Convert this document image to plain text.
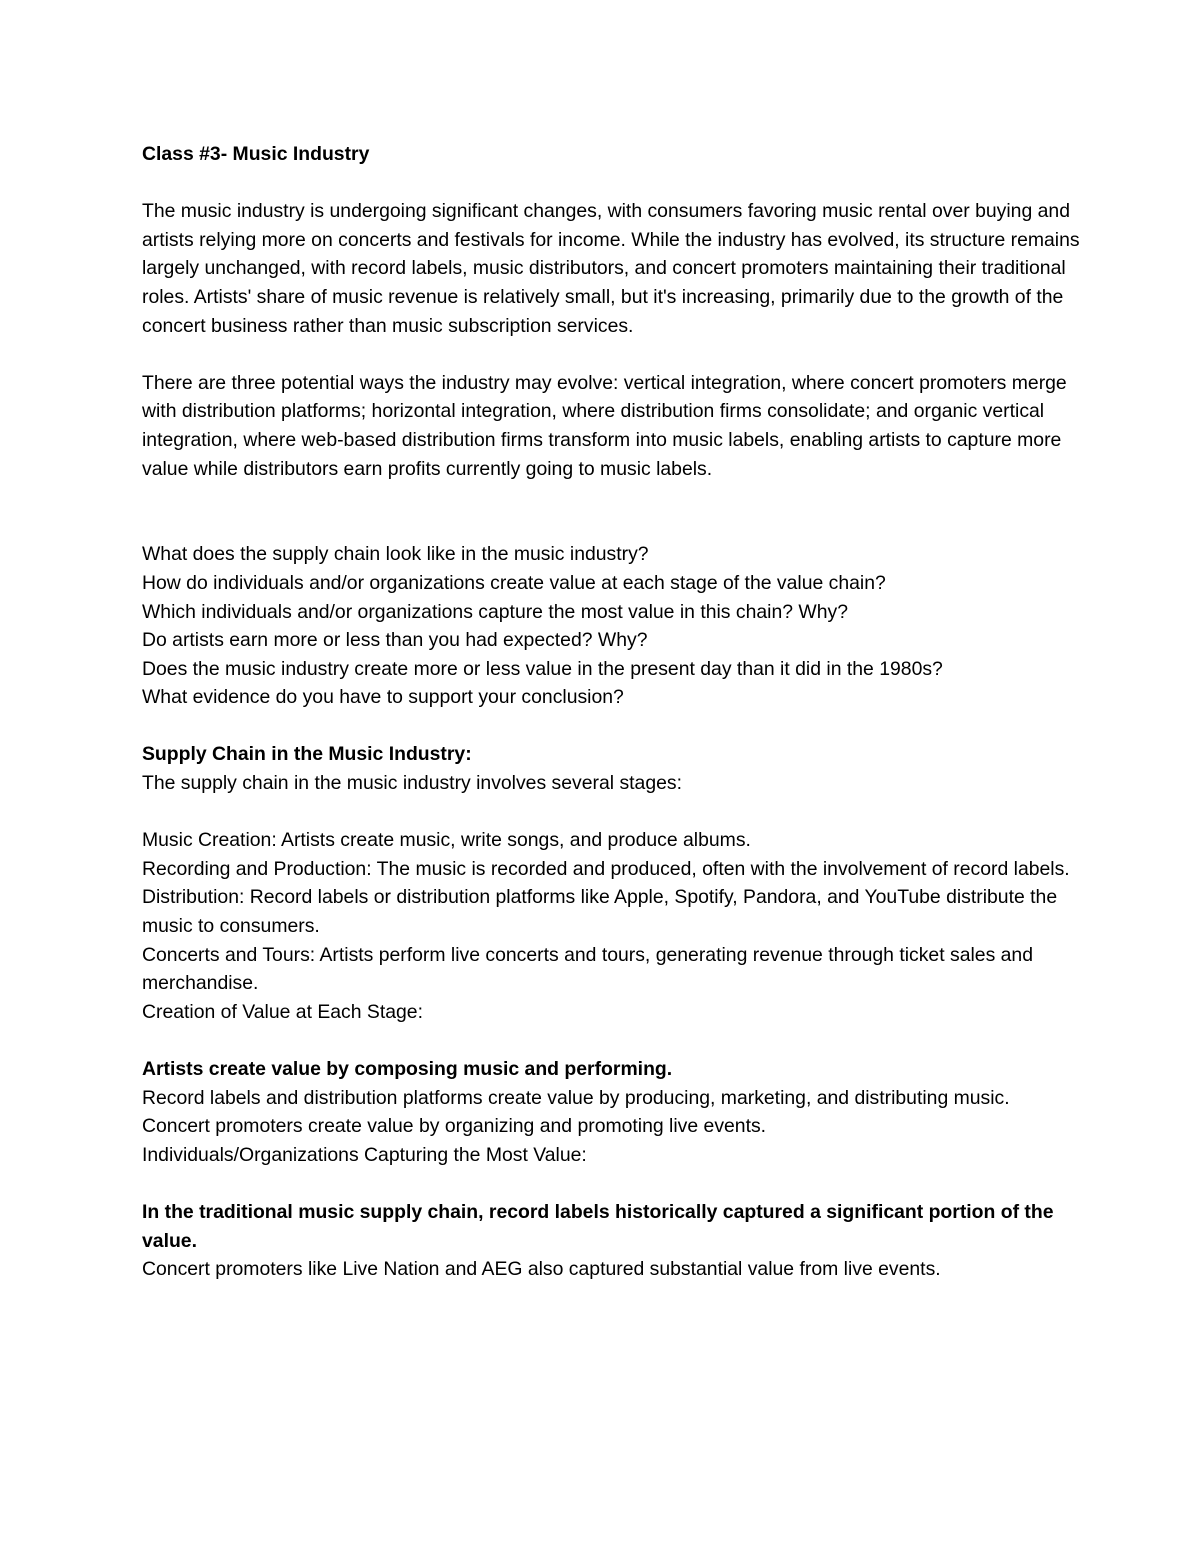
Class #3- Music Industry

The music industry is undergoing significant changes, with consumers favoring music rental over buying and artists relying more on concerts and festivals for income. While the industry has evolved, its structure remains largely unchanged, with record labels, music distributors, and concert promoters maintaining their traditional roles. Artists' share of music revenue is relatively small, but it's increasing, primarily due to the growth of the concert business rather than music subscription services.

There are three potential ways the industry may evolve: vertical integration, where concert promoters merge with distribution platforms; horizontal integration, where distribution firms consolidate; and organic vertical integration, where web-based distribution firms transform into music labels, enabling artists to capture more value while distributors earn profits currently going to music labels.

What does the supply chain look like in the music industry?

How do individuals and/or organizations create value at each stage of the value chain?

Which individuals and/or organizations capture the most value in this chain? Why?

Do artists earn more or less than you had expected? Why?

Does the music industry create more or less value in the present day than it did in the 1980s?

What evidence do you have to support your conclusion?

Supply Chain in the Music Industry:

The supply chain in the music industry involves several stages:

Music Creation: Artists create music, write songs, and produce albums.

Recording and Production: The music is recorded and produced, often with the involvement of record labels.

Distribution: Record labels or distribution platforms like Apple, Spotify, Pandora, and YouTube distribute the music to consumers.

Concerts and Tours: Artists perform live concerts and tours, generating revenue through ticket sales and merchandise.

Creation of Value at Each Stage:

Artists create value by composing music and performing.

Record labels and distribution platforms create value by producing, marketing, and distributing music.

Concert promoters create value by organizing and promoting live events.

Individuals/Organizations Capturing the Most Value:

In the traditional music supply chain, record labels historically captured a significant portion of the value.

Concert promoters like Live Nation and AEG also captured substantial value from live events.
